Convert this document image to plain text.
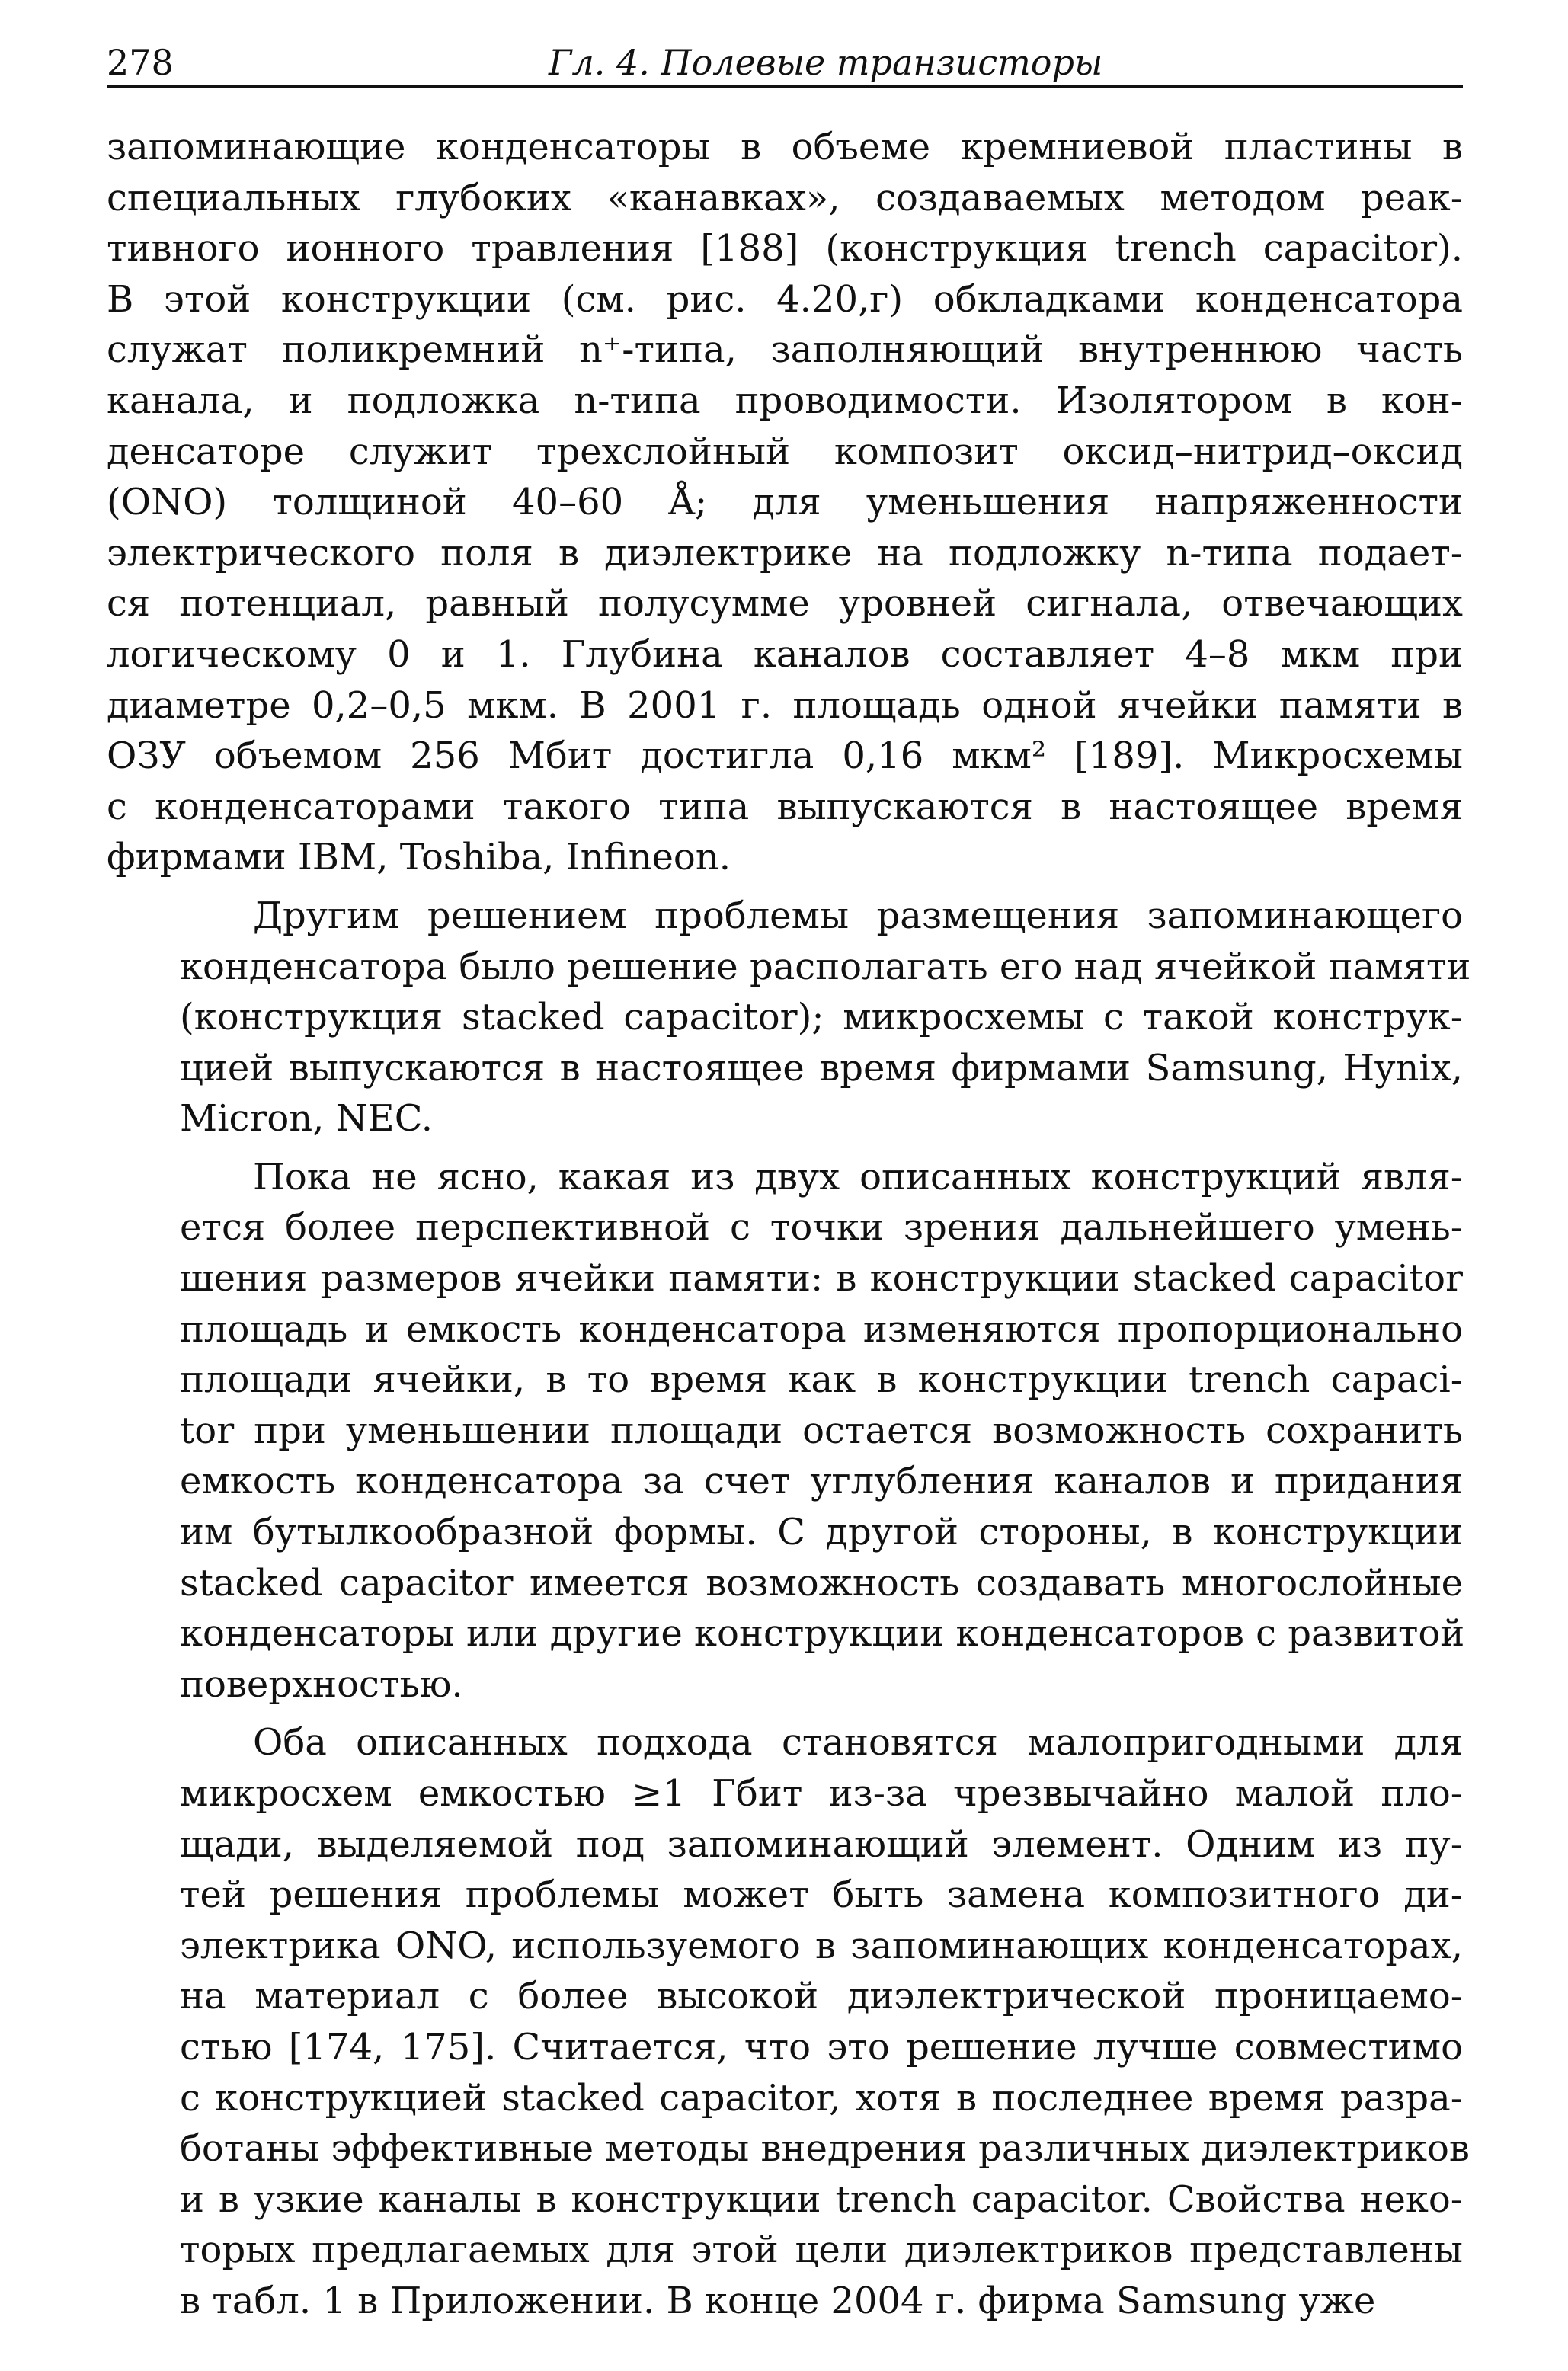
278	Гл. 4. Полевые транзисторы

запоминающие конденсаторы в объеме кремниевой пластины в
специальных глубоких «канавках», создаваемых методом реак-
тивного ионного травления [188] (конструкция trench capacitor).
В этой конструкции (см. рис. 4.20,г) обкладками конденсатора
служат поликремний n⁺-типа, заполняющий внутреннюю часть
канала, и подложка n-типа проводимости. Изолятором в кон-
денсаторе служит трехслойный композит оксид–нитрид–оксид
(ONO) толщиной 40–60 Å; для уменьшения напряженности
электрического поля в диэлектрике на подложку n-типа подает-
ся потенциал, равный полусумме уровней сигнала, отвечающих
логическому 0 и 1. Глубина каналов составляет 4–8 мкм при
диаметре 0,2–0,5 мкм. В 2001 г. площадь одной ячейки памяти в
ОЗУ объемом 256 Мбит достигла 0,16 мкм² [189]. Микросхемы
с конденсаторами такого типа выпускаются в настоящее время
фирмами IBM, Toshiba, Infineon.

Другим решением проблемы размещения запоминающего
конденсатора было решение располагать его над ячейкой памяти
(конструкция stacked capacitor); микросхемы с такой конструк-
цией выпускаются в настоящее время фирмами Samsung, Hynix,
Micron, NEC.

Пока не ясно, какая из двух описанных конструкций явля-
ется более перспективной с точки зрения дальнейшего умень-
шения размеров ячейки памяти: в конструкции stacked capacitor
площадь и емкость конденсатора изменяются пропорционально
площади ячейки, в то время как в конструкции trench capaci-
tor при уменьшении площади остается возможность сохранить
емкость конденсатора за счет углубления каналов и придания
им бутылкообразной формы. С другой стороны, в конструкции
stacked capacitor имеется возможность создавать многослойные
конденсаторы или другие конструкции конденсаторов с развитой
поверхностью.

Оба описанных подхода становятся малопригодными для
микросхем емкостью ≥1 Гбит из-за чрезвычайно малой пло-
щади, выделяемой под запоминающий элемент. Одним из пу-
тей решения проблемы может быть замена композитного ди-
электрика ONO, используемого в запоминающих конденсаторах,
на материал с более высокой диэлектрической проницаемо-
стью [174, 175]. Считается, что это решение лучше совместимо
с конструкцией stacked capacitor, хотя в последнее время разра-
ботаны эффективные методы внедрения различных диэлектриков
и в узкие каналы в конструкции trench capacitor. Свойства неко-
торых предлагаемых для этой цели диэлектриков представлены
в табл. 1 в Приложении. В конце 2004 г. фирма Samsung уже
